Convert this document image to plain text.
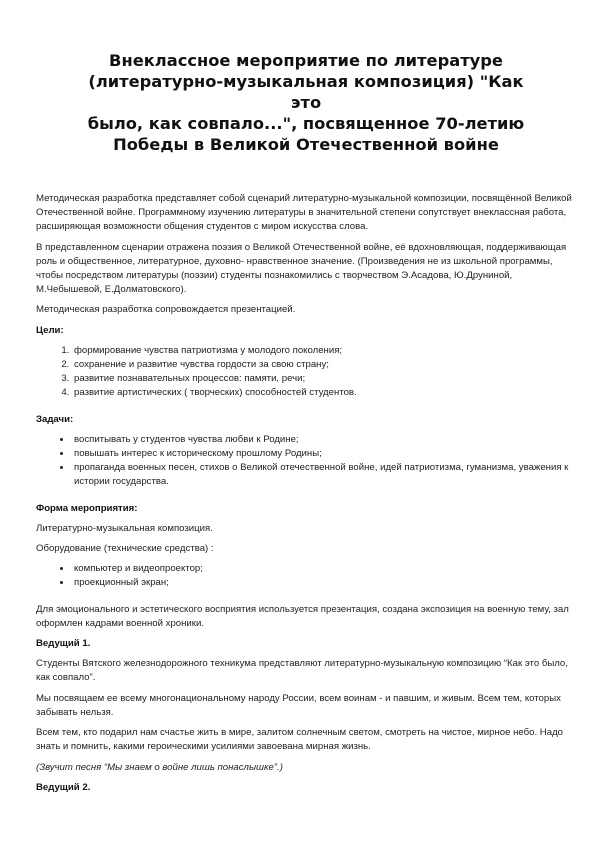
Внеклассное мероприятие по литературе
(литературно-музыкальная композиция) "Как это
было, как совпало...", посвященное 70-летию
Победы в Великой Отечественной войне

Методическая разработка представляет собой сценарий литературно-музыкальной композиции, посвящённой Великой Отечественной войне. Программному изучению литературы в значительной степени сопутствует внеклассная работа, расширяющая возможности общения студентов с миром искусства слова.

В представленном сценарии отражена поэзия о Великой Отечественной войне, её вдохновляющая, поддерживающая роль и общественное, литературное, духовно- нравственное значение. (Произведения не из школьной программы, чтобы посредством литературы (поэзии) студенты познакомились с творчеством Э.Асадова, Ю.Друниной, М.Чебышевой, Е.Долматовского).

Методическая разработка сопровождается презентацией.

Цели:

1. формирование чувства патриотизма у молодого поколения;
2. сохранение и развитие чувства гордости за свою страну;
3. развитие познавательных процессов: памяти, речи;
4. развитие артистических ( творческих) способностей студентов.

Задачи:

• воспитывать у студентов чувства любви к Родине;
• повышать интерес к историческому прошлому Родины;
• пропаганда военных песен, стихов о Великой отечественной войне, идей патриотизма, гуманизма, уважения к истории государства.

Форма мероприятия:

Литературно-музыкальная композиция.

Оборудование (технические средства) :

• компьютер и видеопроектор;
• проекционный экран;

Для эмоционального и эстетического восприятия используется презентация, создана экспозиция на военную тему, зал оформлен кадрами военной хроники.

Ведущий 1.

Студенты Вятского железнодорожного техникума представляют литературно-музыкальную композицию “Как это было, как совпало”.

Мы посвящаем ее всему многонациональному народу России, всем воинам - и павшим, и живым. Всем тем, которых забывать нельзя.

Всем тем, кто подарил нам счастье жить в мире, залитом солнечным светом, смотреть на чистое, мирное небо. Надо знать и помнить, какими героическими усилиями завоевана мирная жизнь.

(Звучит песня “Мы знаем о войне лишь понаслышке”.)

Ведущий 2.
